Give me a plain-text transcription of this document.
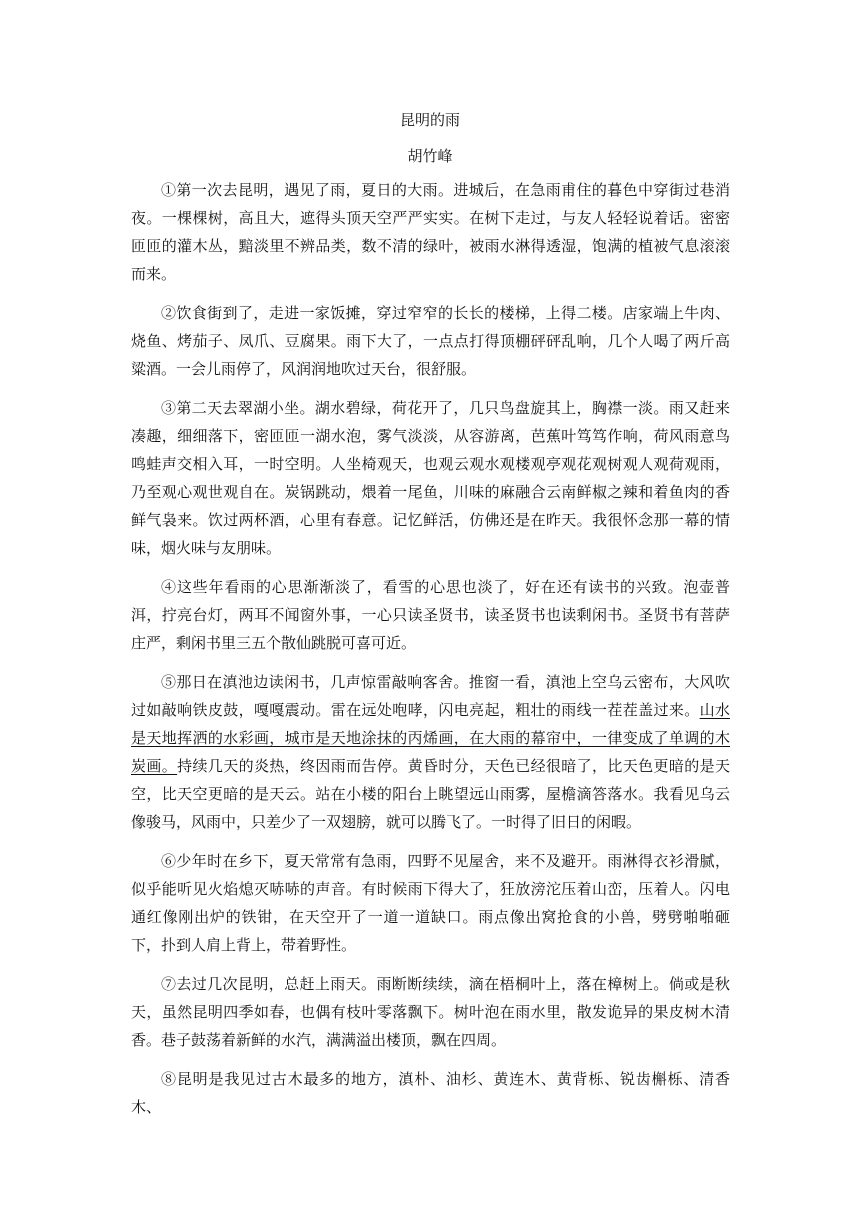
昆明的雨
胡竹峰

①第一次去昆明，遇见了雨，夏日的大雨。进城后，在急雨甫住的暮色中穿街过巷消夜。一棵棵树，高且大，遮得头顶天空严严实实。在树下走过，与友人轻轻说着话。密密匝匝的灌木丛，黯淡里不辨品类，数不清的绿叶，被雨水淋得透湿，饱满的植被气息滚滚而来。

②饮食街到了，走进一家饭摊，穿过窄窄的长长的楼梯，上得二楼。店家端上牛肉、烧鱼、烤茄子、凤爪、豆腐果。雨下大了，一点点打得顶棚砰砰乱响，几个人喝了两斤高粱酒。一会儿雨停了，风润润地吹过天台，很舒服。

③第二天去翠湖小坐。湖水碧绿，荷花开了，几只鸟盘旋其上，胸襟一淡。雨又赶来凑趣，细细落下，密匝匝一湖水泡，雾气淡淡，从容游离，芭蕉叶笃笃作响，荷风雨意鸟鸣蛙声交相入耳，一时空明。人坐椅观天，也观云观水观楼观亭观花观树观人观荷观雨，乃至观心观世观自在。炭锅跳动，煨着一尾鱼，川味的麻融合云南鲜椒之辣和着鱼肉的香鲜气袅来。饮过两杯酒，心里有春意。记忆鲜活，仿佛还是在昨天。我很怀念那一幕的情味，烟火味与友朋味。

④这些年看雨的心思渐渐淡了，看雪的心思也淡了，好在还有读书的兴致。泡壶普洱，拧亮台灯，两耳不闻窗外事，一心只读圣贤书，读圣贤书也读剩闲书。圣贤书有菩萨庄严，剩闲书里三五个散仙跳脱可喜可近。

⑤那日在滇池边读闲书，几声惊雷敲响客舍。推窗一看，滇池上空乌云密布，大风吹过如敲响铁皮鼓，嘎嘎震动。雷在远处咆哮，闪电亮起，粗壮的雨线一茬茬盖过来。山水是天地挥洒的水彩画，城市是天地涂抹的丙烯画，在大雨的幕帘中，一律变成了单调的木炭画。持续几天的炎热，终因雨而告停。黄昏时分，天色已经很暗了，比天色更暗的是天空，比天空更暗的是天云。站在小楼的阳台上眺望远山雨雾，屋檐滴答落水。我看见乌云像骏马，风雨中，只差少了一双翅膀，就可以腾飞了。一时得了旧日的闲暇。

⑥少年时在乡下，夏天常常有急雨，四野不见屋舍，来不及避开。雨淋得衣衫滑腻，似乎能听见火焰熄灭哧哧的声音。有时候雨下得大了，狂放滂沱压着山峦，压着人。闪电通红像刚出炉的铁钳，在天空开了一道一道缺口。雨点像出窝抢食的小兽，劈劈啪啪砸下，扑到人肩上背上，带着野性。

⑦去过几次昆明，总赶上雨天。雨断断续续，滴在梧桐叶上，落在樟树上。倘或是秋天，虽然昆明四季如春，也偶有枝叶零落飘下。树叶泡在雨水里，散发诡异的果皮树木清香。巷子鼓荡着新鲜的水汽，满满溢出楼顶，飘在四周。

⑧昆明是我见过古木最多的地方，滇朴、油杉、黄连木、黄背栎、锐齿槲栎、清香木、
